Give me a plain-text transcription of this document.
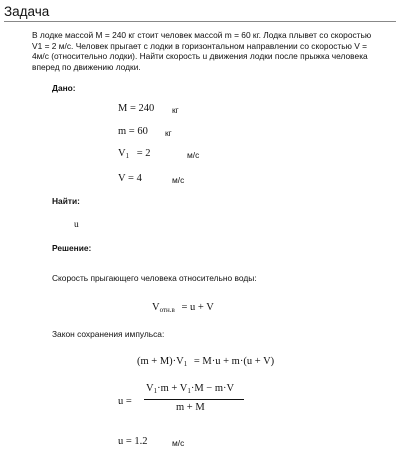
Задача
В лодке массой М = 240 кг стоит человек массой m = 60 кг. Лодка плывет со скоростью V1 = 2 м/с. Человек прыгает с лодки в горизонтальном направлении со скоростью V = 4м/с (относительно лодки). Найти скорость u движения лодки после прыжка человека вперед по движению лодки.
Дано:
M = 240 кг
m = 60 кг
$V_1 = 2$	м/с
V = 4	м/с
Найти:
u
Решение:
Скорость прыгающего человека относительно воды:
$V_{отн.в} = u + V$
Закон сохранения импульса:
$(m + M)\cdot V_1 = M\cdot u + m\cdot(u + V)$
u =
$V_1\cdot m + V_1\cdot M - m\cdot V$
m + M
u = 1.2	м/с
